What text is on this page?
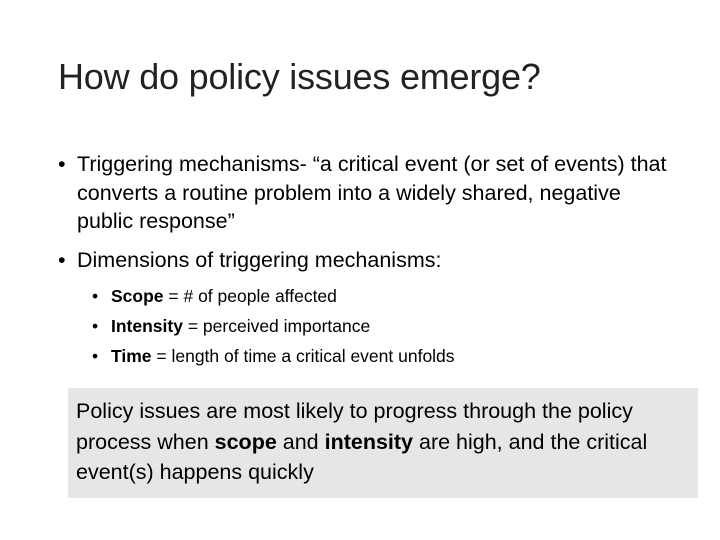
How do policy issues emerge?
• Triggering mechanisms- “a critical event (or set of events) that converts a routine problem into a widely shared, negative public response”
• Dimensions of triggering mechanisms:
• Scope = # of people affected
• Intensity = perceived importance
• Time = length of time a critical event unfolds
Policy issues are most likely to progress through the policy process when scope and intensity are high, and the critical event(s) happens quickly
